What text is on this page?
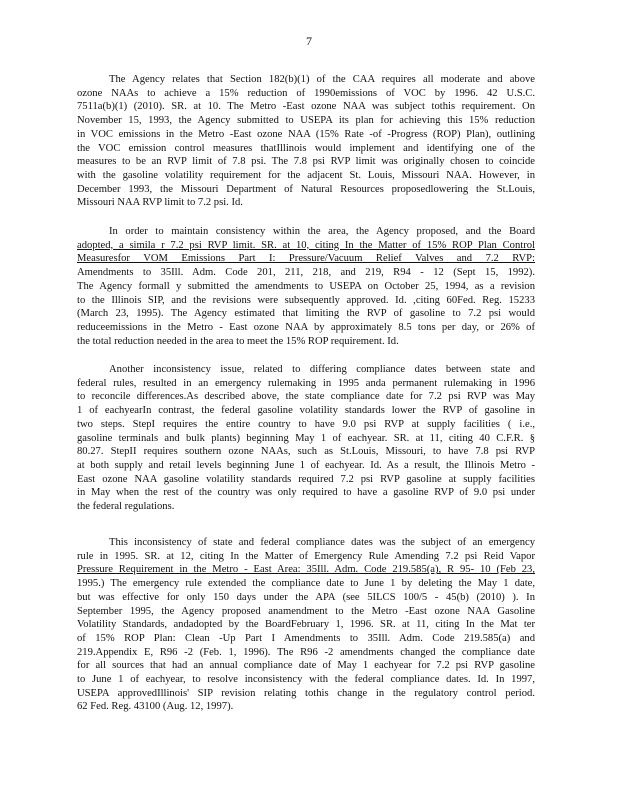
7
The Agency relates that Section 182(b)(1) of the CAA requires all moderate and above
ozone NAAs to achieve a 15% reduction of 1990emissions of VOC by 1996. 42 U.S.C.
7511a(b)(1) (2010). SR. at 10. The Metro -East ozone NAA was subject tothis requirement. On
November 15, 1993, the Agency submitted to USEPA its plan for achieving this 15% reduction
in VOC emissions in the Metro -East ozone NAA (15% Rate -of -Progress (ROP) Plan), outlining
the VOC emission control measures thatIllinois would implement and identifying one of the
measures to be an RVP limit of 7.8 psi. The 7.8 psi RVP limit was originally chosen to coincide
with the gasoline volatility requirement for the adjacent St. Louis, Missouri NAA. However, in
December 1993, the Missouri Department of Natural Resources proposedlowering the St.Louis,
Missouri NAA RVP limit to 7.2 psi. Id.
In order to maintain consistency within the area, the Agency proposed, and the Board
adopted, a simila r 7.2 psi RVP limit. SR. at 10, citing In the Matter of 15% ROP Plan Control
Measuresfor VOM Emissions Part I: Pressure/Vacuum Relief Valves and 7.2 RVP:
Amendments to 35Ill. Adm. Code 201, 211, 218, and 219, R94 - 12 (Sept 15, 1992).
The Agency formall y submitted the amendments to USEPA on October 25, 1994, as a revision
to the Illinois SIP, and the revisions were subsequently approved. Id. ,citing 60Fed. Reg. 15233
(March 23, 1995). The Agency estimated that limiting the RVP of gasoline to 7.2 psi would
reduceemissions in the Metro - East ozone NAA by approximately 8.5 tons per day, or 26% of
the total reduction needed in the area to meet the 15% ROP requirement. Id.
Another inconsistency issue, related to differing compliance dates between state and
federal rules, resulted in an emergency rulemaking in 1995 anda permanent rulemaking in 1996
to reconcile differences.As described above, the state compliance date for 7.2 psi RVP was May
1 of eachyearIn contrast, the federal gasoline volatility standards lower the RVP of gasoline in
two steps. StepI requires the entire country to have 9.0 psi RVP at supply facilities ( i.e.,
gasoline terminals and bulk plants) beginning May 1 of eachyear. SR. at 11, citing 40 C.F.R. §
80.27. StepII requires southern ozone NAAs, such as St.Louis, Missouri, to have 7.8 psi RVP
at both supply and retail levels beginning June 1 of eachyear. Id. As a result, the Illinois Metro -
East ozone NAA gasoline volatility standards required 7.2 psi RVP gasoline at supply facilities
in May when the rest of the country was only required to have a gasoline RVP of 9.0 psi under
the federal regulations.
This inconsistency of state and federal compliance dates was the subject of an emergency
rule in 1995. SR. at 12, citing In the Matter of Emergency Rule Amending 7.2 psi Reid Vapor
Pressure Requirement in the Metro - East Area: 35Ill. Adm. Code 219.585(a), R 95- 10 (Feb 23,
1995.) The emergency rule extended the compliance date to June 1 by deleting the May 1 date,
but was effective for only 150 days under the APA (see 5ILCS 100/5 - 45(b) (2010) ). In
September 1995, the Agency proposed anamendment to the Metro -East ozone NAA Gasoline
Volatility Standards, andadopted by the BoardFebruary 1, 1996. SR. at 11, citing In the Mat ter
of 15% ROP Plan: Clean -Up Part I Amendments to 35Ill. Adm. Code 219.585(a) and
219.Appendix E, R96 -2 (Feb. 1, 1996). The R96 -2 amendments changed the compliance date
for all sources that had an annual compliance date of May 1 eachyear for 7.2 psi RVP gasoline
to June 1 of eachyear, to resolve inconsistency with the federal compliance dates. Id. In 1997,
USEPA approvedIllinois' SIP revision relating tothis change in the regulatory control period.
62 Fed. Reg. 43100 (Aug. 12, 1997).
